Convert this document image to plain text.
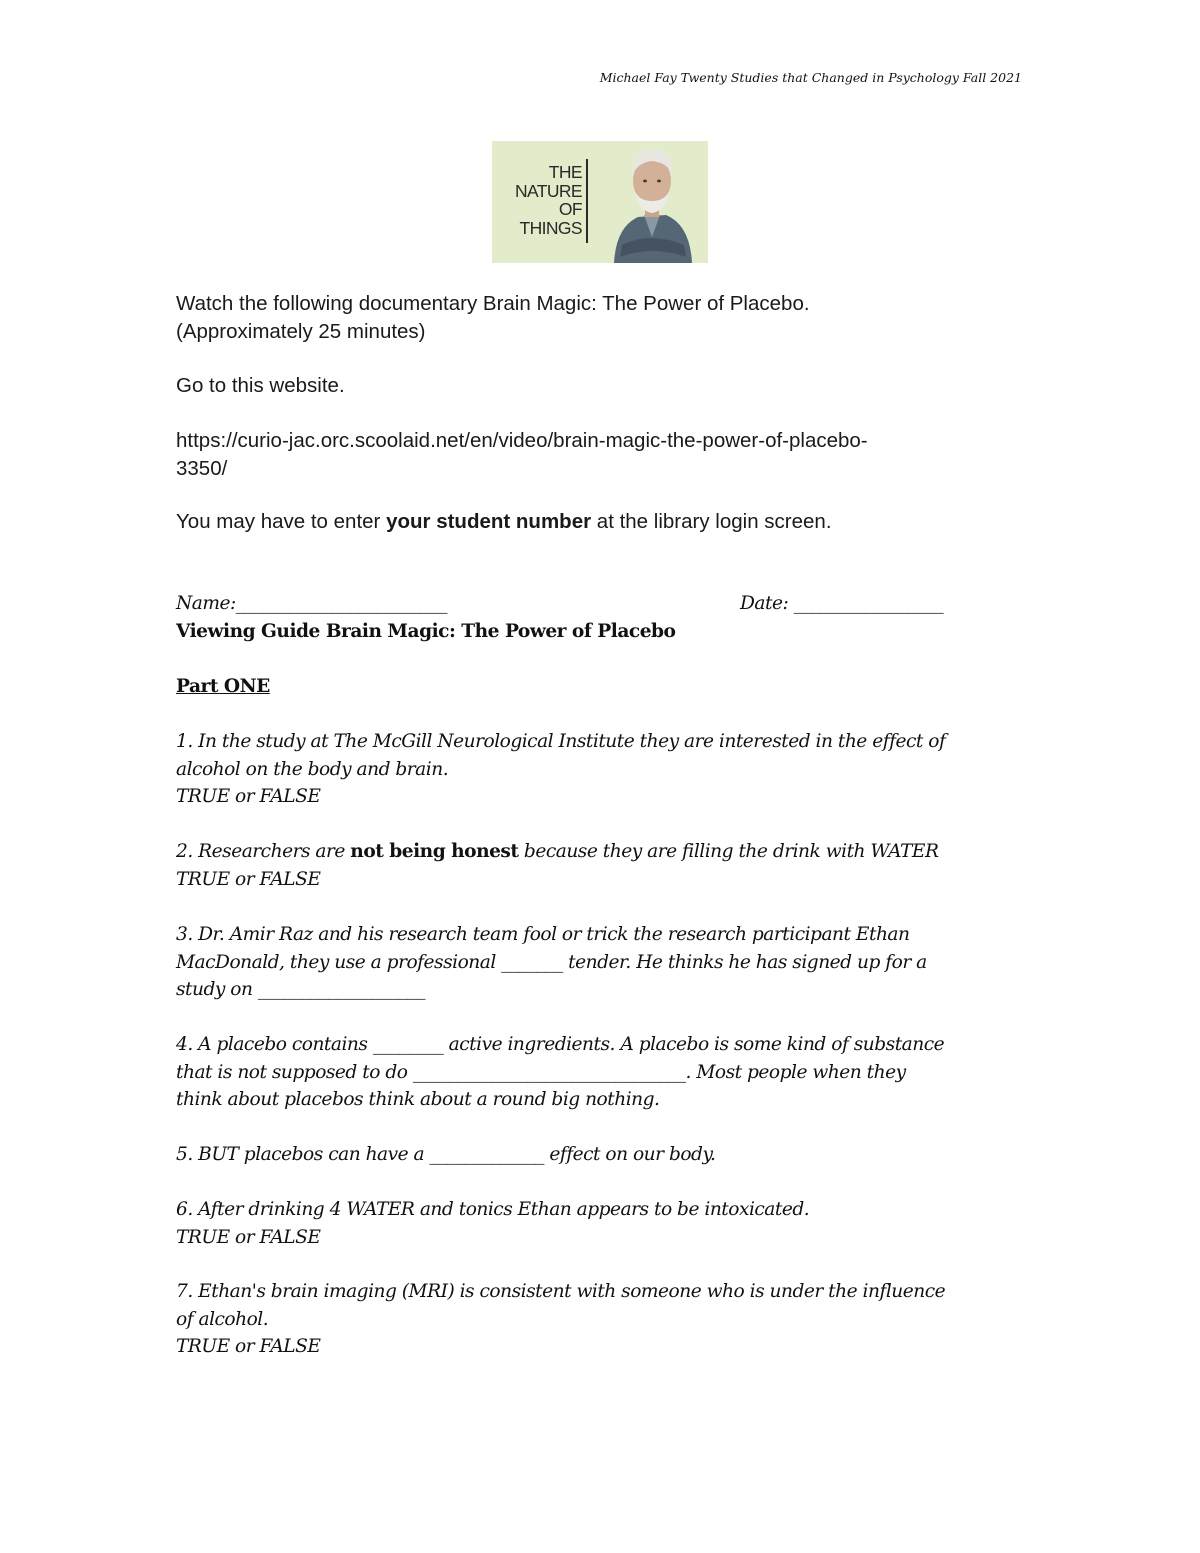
Michael Fay Twenty Studies that Changed in Psychology Fall 2021
THE
NATURE
OF
THINGS
Watch the following documentary Brain Magic: The Power of Placebo.
(Approximately 25 minutes)
Go to this website.
https://curio-jac.orc.scoolaid.net/en/video/brain-magic-the-power-of-placebo-
3350/
You may have to enter your student number at the library login screen.
Name:________________________	Date: _________________
Viewing Guide Brain Magic: The Power of Placebo
Part ONE
1. In the study at The McGill Neurological Institute they are interested in the effect of
alcohol on the body and brain.
TRUE or FALSE
2. Researchers are not being honest because they are filling the drink with WATER
TRUE or FALSE
3. Dr. Amir Raz and his research team fool or trick the research participant Ethan
MacDonald, they use a professional _______ tender. He thinks he has signed up for a
study on ___________________
4. A placebo contains ________ active ingredients. A placebo is some kind of substance
that is not supposed to do _______________________________. Most people when they
think about placebos think about a round big nothing.
5. BUT placebos can have a _____________ effect on our body.
6. After drinking 4 WATER and tonics Ethan appears to be intoxicated.
TRUE or FALSE
7. Ethan's brain imaging (MRI) is consistent with someone who is under the influence
of alcohol.
TRUE or FALSE
